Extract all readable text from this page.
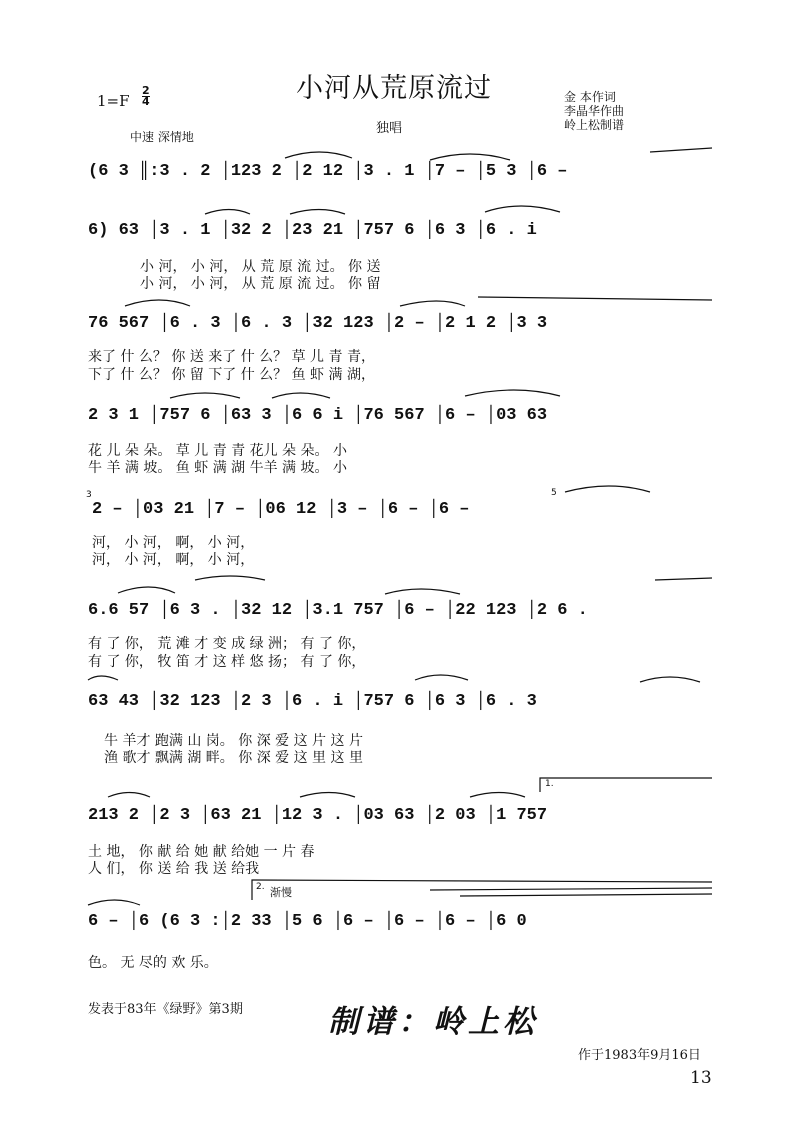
小河从荒原流过
1=F
2
4
中速 深情地
独唱
金 本作词
李晶华作曲
岭上松制谱
(6 3 ║:3 . 2 │123 2 │2 12 │3 . 1 │7 – │5 3 │6 –
6) 63 │3 . 1 │32 2 │23 21 │757 6 │6 3 │6 . i
小 河， 小 河， 从 荒 原 流 过。 你 送
小 河， 小 河， 从 荒 原 流 过。 你 留
76 567 │6 . 3 │6 . 3 │32 123 │2 – │2 1 2 │3 3
来了 什 么？ 你 送 来了 什 么？ 草 儿 青 青，
下了 什 么？ 你 留 下了 什 么？ 鱼 虾 满 湖，
2 3 1 │757 6 │63 3 │6 6 i │76 567 │6 – │03 63
花 儿 朵 朵。 草 儿 青 青 花儿 朵 朵。 小
牛 羊 满 坡。 鱼 虾 满 湖 牛羊 满 坡。 小
3	5
2 – │03 21 │7 – │06 12 │3 – │6 – │6 –
河， 小 河， 啊， 小 河，
河， 小 河， 啊， 小 河，
6.6 57 │6 3 . │32 12 │3.1 757 │6 – │22 123 │2 6 .
有 了 你， 荒 滩 才 变 成 绿 洲； 有 了 你，
有 了 你， 牧 笛 才 这 样 悠 扬； 有 了 你，
63 43 │32 123 │2 3 │6 . i │757 6 │6 3 │6 . 3
牛 羊才 跑满 山 岗。 你 深 爱 这 片 这 片
渔 歌才 飘满 湖 畔。 你 深 爱 这 里 这 里
1.
213 2 │2 3 │63 21 │12 3 . │03 63 │2 03 │1 757
土 地， 你 献 给 她 献 给她 一 片 春
人 们， 你 送 给 我 送 给我
2. 渐慢
6 – │6 (6 3 :│2 33 │5 6 │6 – │6 – │6 – │6 0
色。 无 尽的 欢 乐。
发表于83年《绿野》第3期	制谱：岭上松
作于1983年9月16日
13
